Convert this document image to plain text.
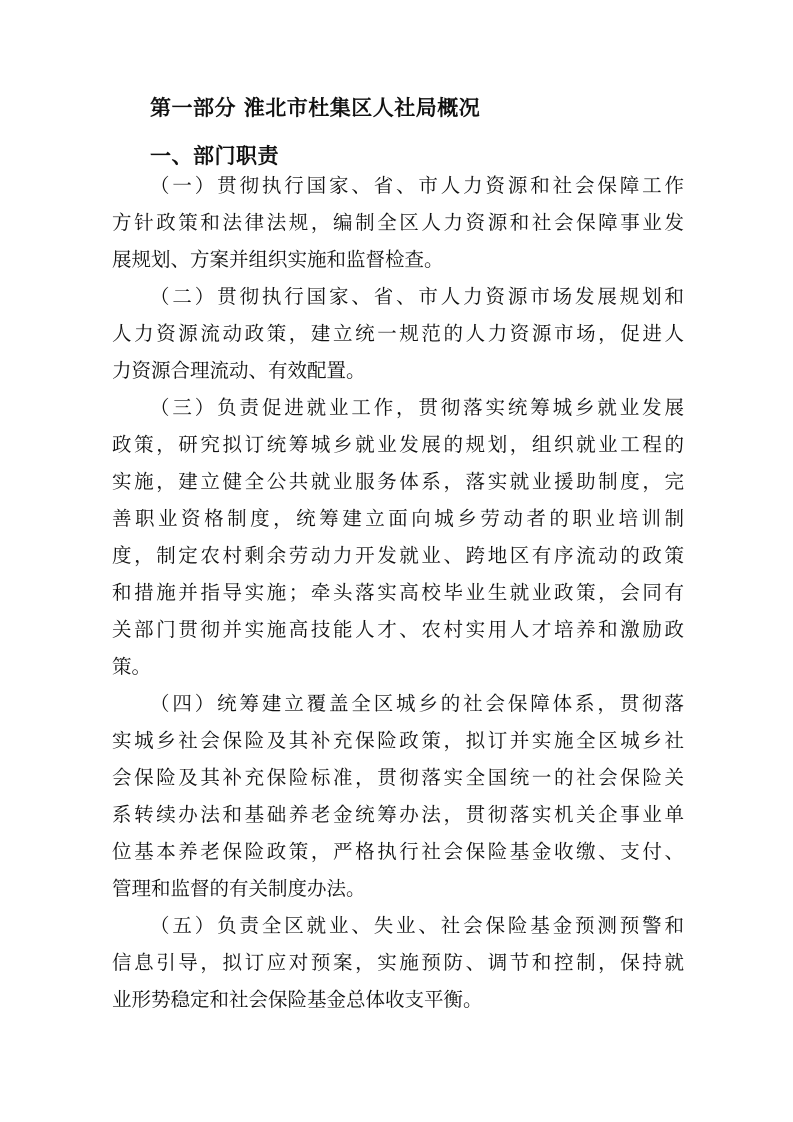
第一部分 淮北市杜集区人社局概况
一、部门职责
（一）贯彻执行国家、省、市人力资源和社会保障工作
方针政策和法律法规，编制全区人力资源和社会保障事业发
展规划、方案并组织实施和监督检查。
（二）贯彻执行国家、省、市人力资源市场发展规划和
人力资源流动政策，建立统一规范的人力资源市场，促进人
力资源合理流动、有效配置。
（三）负责促进就业工作，贯彻落实统筹城乡就业发展
政策，研究拟订统筹城乡就业发展的规划，组织就业工程的
实施，建立健全公共就业服务体系，落实就业援助制度，完
善职业资格制度，统筹建立面向城乡劳动者的职业培训制
度，制定农村剩余劳动力开发就业、跨地区有序流动的政策
和措施并指导实施；牵头落实高校毕业生就业政策，会同有
关部门贯彻并实施高技能人才、农村实用人才培养和激励政
策。
（四）统筹建立覆盖全区城乡的社会保障体系，贯彻落
实城乡社会保险及其补充保险政策，拟订并实施全区城乡社
会保险及其补充保险标准，贯彻落实全国统一的社会保险关
系转续办法和基础养老金统筹办法，贯彻落实机关企事业单
位基本养老保险政策，严格执行社会保险基金收缴、支付、
管理和监督的有关制度办法。
（五）负责全区就业、失业、社会保险基金预测预警和
信息引导，拟订应对预案，实施预防、调节和控制，保持就
业形势稳定和社会保险基金总体收支平衡。
